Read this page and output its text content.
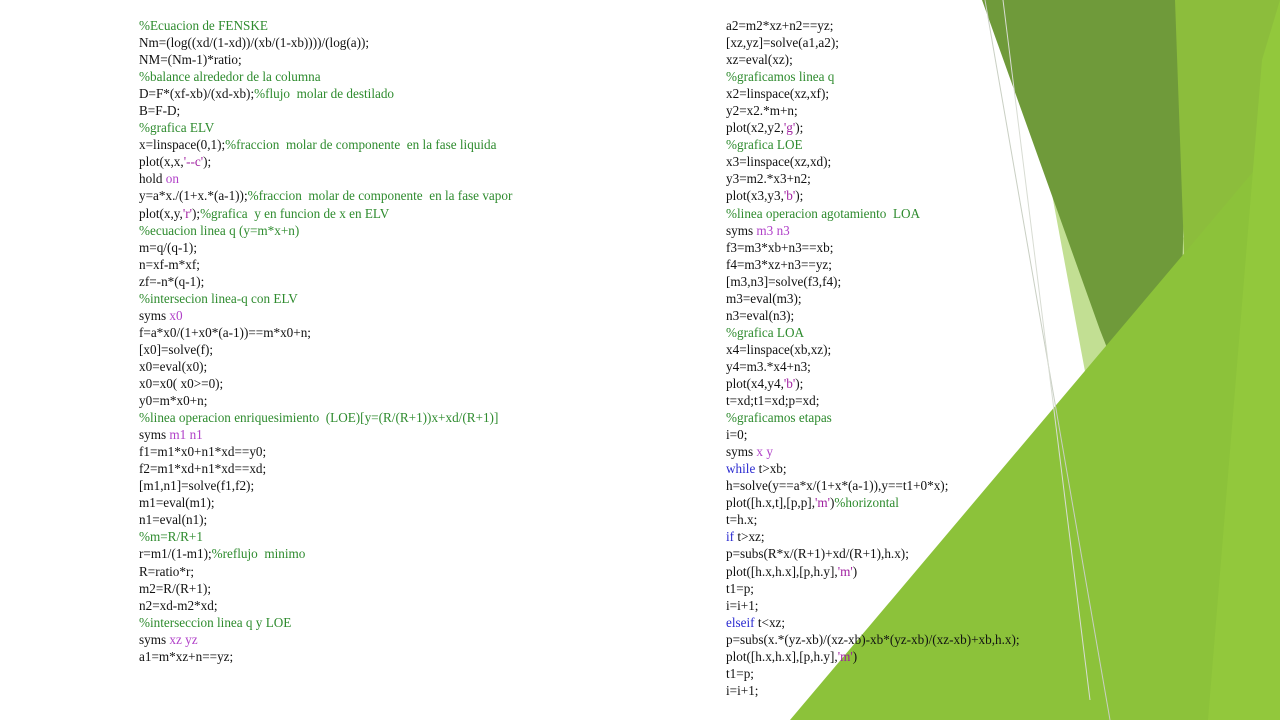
%Ecuacion de FENSKE
Nm=(log((xd/(1-xd))/(xb/(1-xb))))/(log(a));
NM=(Nm-1)*ratio;
%balance alrededor de la columna
D=F*(xf-xb)/(xd-xb);%flujo  molar de destilado
B=F-D;
%grafica ELV
x=linspace(0,1);%fraccion  molar de componente  en la fase liquida
plot(x,x,'--c');
hold on
y=a*x./(1+x.*(a-1));%fraccion  molar de componente  en la fase vapor
plot(x,y,'r');%grafica  y en funcion de x en ELV
%ecuacion linea q (y=m*x+n)
m=q/(q-1);
n=xf-m*xf;
zf=-n*(q-1);
%intersecion linea-q con ELV
syms x0
f=a*x0/(1+x0*(a-1))==m*x0+n;
[x0]=solve(f);
x0=eval(x0);
x0=x0( x0>=0);
y0=m*x0+n;
%linea operacion enriquesimiento  (LOE)[y=(R/(R+1))x+xd/(R+1)]
syms m1 n1
f1=m1*x0+n1*xd==y0;
f2=m1*xd+n1*xd==xd;
[m1,n1]=solve(f1,f2);
m1=eval(m1);
n1=eval(n1);
%m=R/R+1
r=m1/(1-m1);%reflujo  minimo
R=ratio*r;
m2=R/(R+1);
n2=xd-m2*xd;
%interseccion linea q y LOE
syms xz yz
a1=m*xz+n==yz;
a2=m2*xz+n2==yz;
[xz,yz]=solve(a1,a2);
xz=eval(xz);
%graficamos linea q
x2=linspace(xz,xf);
y2=x2.*m+n;
plot(x2,y2,'g');
%grafica LOE
x3=linspace(xz,xd);
y3=m2.*x3+n2;
plot(x3,y3,'b');
%linea operacion agotamiento  LOA
syms m3 n3
f3=m3*xb+n3==xb;
f4=m3*xz+n3==yz;
[m3,n3]=solve(f3,f4);
m3=eval(m3);
n3=eval(n3);
%grafica LOA
x4=linspace(xb,xz);
y4=m3.*x4+n3;
plot(x4,y4,'b');
t=xd;t1=xd;p=xd;
%graficamos etapas
i=0;
syms x y
while t>xb;
h=solve(y==a*x/(1+x*(a-1)),y==t1+0*x);
plot([h.x,t],[p,p],'m')%horizontal
t=h.x;
if t>xz;
p=subs(R*x/(R+1)+xd/(R+1),h.x);
plot([h.x,h.x],[p,h.y],'m')
t1=p;
i=i+1;
elseif t<xz;
p=subs(x.*(yz-xb)/(xz-xb)-xb*(yz-xb)/(xz-xb)+xb,h.x);
plot([h.x,h.x],[p,h.y],'m')
t1=p;
i=i+1;
